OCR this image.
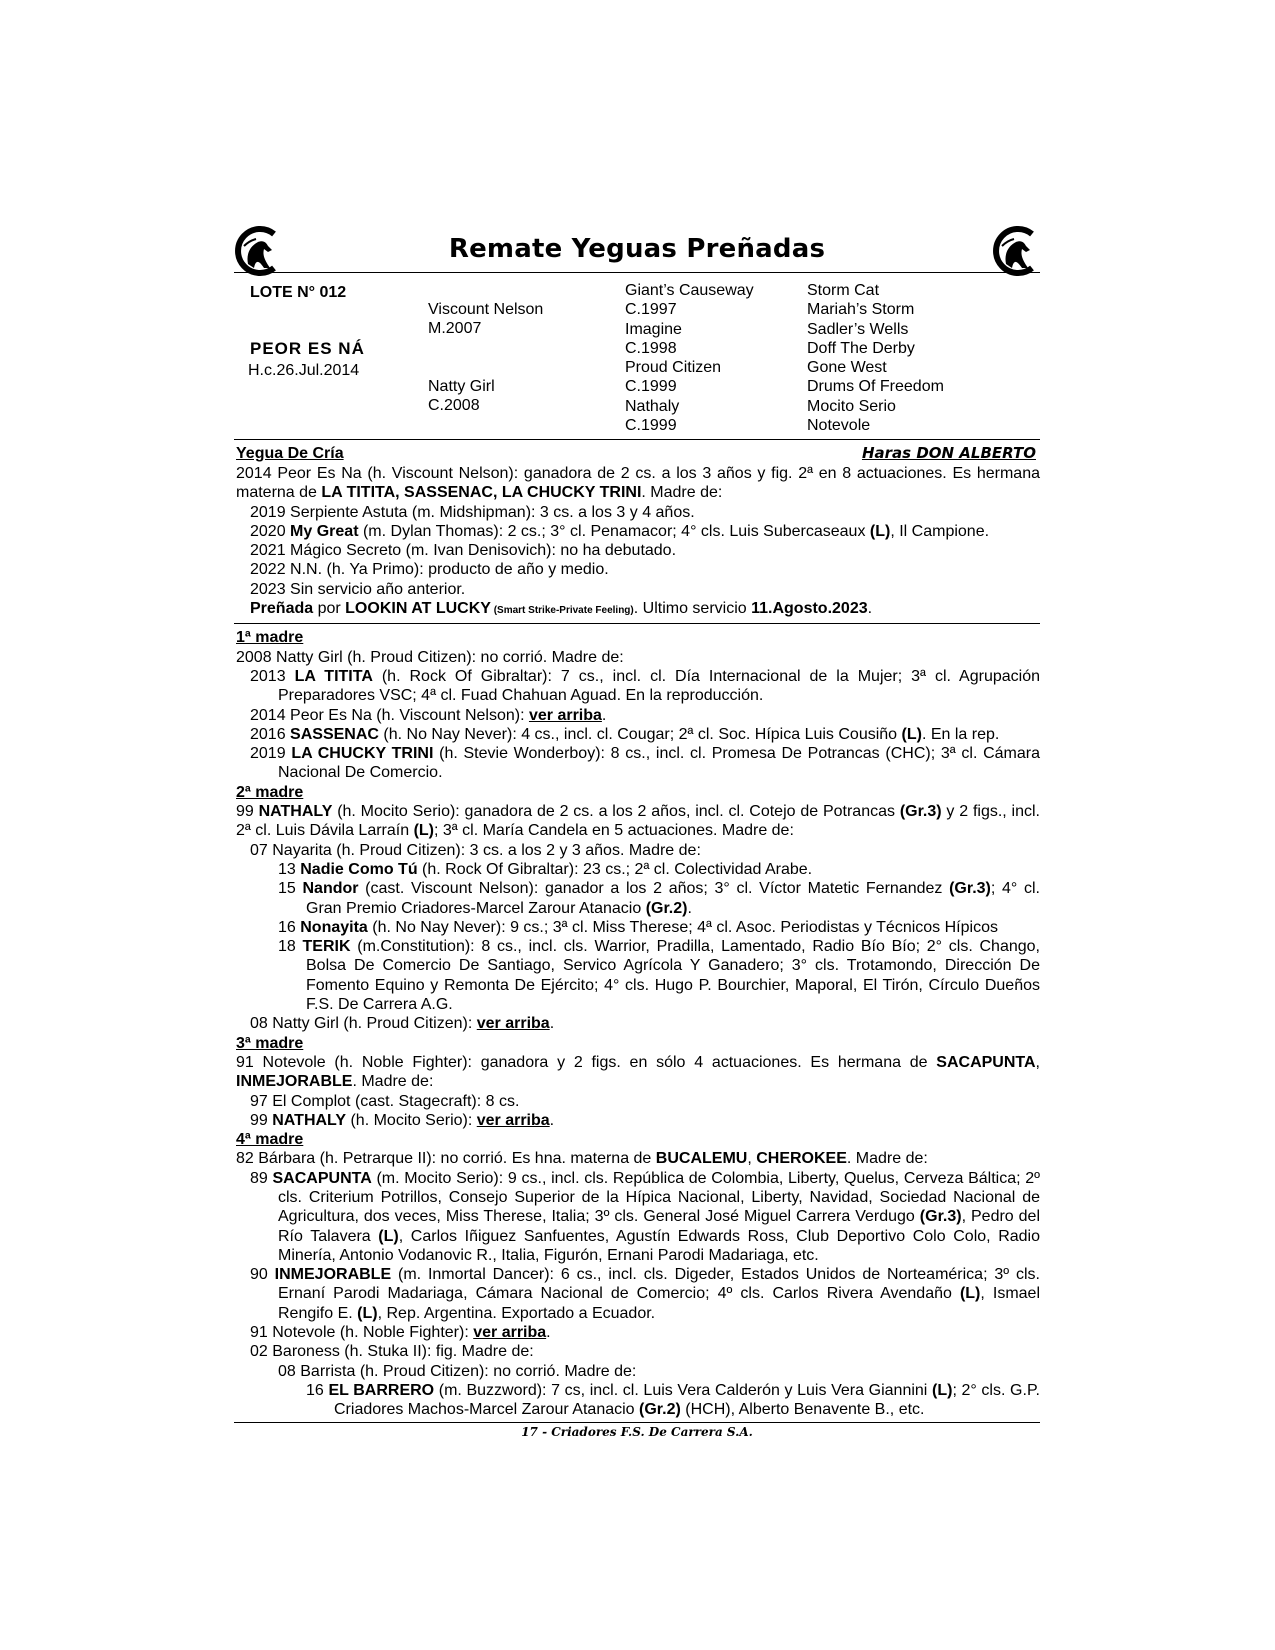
Remate Yeguas Preñadas
LOTE N° 012
PEOR ES NÁ
H.c.26.Jul.2014
Viscount Nelson
M.2007
Natty Girl
C.2008
Giant’s Causeway
C.1997
Imagine
C.1998
Proud Citizen
C.1999
Nathaly
C.1999
Storm Cat
Mariah’s Storm
Sadler’s Wells
Doff The Derby
Gone West
Drums Of Freedom
Mocito Serio
Notevole
Yegua De Cría	Haras DON ALBERTO
2014 Peor Es Na (h. Viscount Nelson): ganadora de 2 cs. a los 3 años y fig. 2ª en 8 actuaciones. Es hermana materna de LA TITITA, SASSENAC, LA CHUCKY TRINI. Madre de:
2019 Serpiente Astuta (m. Midshipman): 3 cs. a los 3 y 4 años.
2020 My Great (m. Dylan Thomas): 2 cs.; 3° cl. Penamacor; 4° cls. Luis Subercaseaux (L), Il Campione.
2021 Mágico Secreto (m. Ivan Denisovich): no ha debutado.
2022 N.N. (h. Ya Primo): producto de año y medio.
2023 Sin servicio año anterior.
Preñada por LOOKIN AT LUCKY (Smart Strike-Private Feeling). Ultimo servicio 11.Agosto.2023.
1ª madre
2008 Natty Girl (h. Proud Citizen): no corrió. Madre de:
2013 LA TITITA (h. Rock Of Gibraltar): 7 cs., incl. cl. Día Internacional de la Mujer; 3ª cl. Agrupación Preparadores VSC; 4ª cl. Fuad Chahuan Aguad. En la reproducción.
2014 Peor Es Na (h. Viscount Nelson): ver arriba.
2016 SASSENAC (h. No Nay Never): 4 cs., incl. cl. Cougar; 2ª cl. Soc. Hípica Luis Cousiño (L). En la rep.
2019 LA CHUCKY TRINI (h. Stevie Wonderboy): 8 cs., incl. cl. Promesa De Potrancas (CHC); 3ª cl. Cámara Nacional De Comercio.
2ª madre
99 NATHALY (h. Mocito Serio): ganadora de 2 cs. a los 2 años, incl. cl. Cotejo de Potrancas (Gr.3) y 2 figs., incl. 2ª cl. Luis Dávila Larraín (L); 3ª cl. María Candela en 5 actuaciones. Madre de:
07 Nayarita (h. Proud Citizen): 3 cs. a los 2 y 3 años. Madre de:
13 Nadie Como Tú (h. Rock Of Gibraltar): 23 cs.; 2ª cl. Colectividad Arabe.
15 Nandor (cast. Viscount Nelson): ganador a los 2 años; 3° cl. Víctor Matetic Fernandez (Gr.3); 4° cl. Gran Premio Criadores-Marcel Zarour Atanacio (Gr.2).
16 Nonayita (h. No Nay Never): 9 cs.; 3ª cl. Miss Therese; 4ª cl. Asoc. Periodistas y Técnicos Hípicos
18 TERIK (m.Constitution): 8 cs., incl. cls. Warrior, Pradilla, Lamentado, Radio Bío Bío; 2° cls. Chango, Bolsa De Comercio De Santiago, Servico Agrícola Y Ganadero; 3° cls. Trotamondo, Dirección De Fomento Equino y Remonta De Ejército; 4° cls. Hugo P. Bourchier, Maporal, El Tirón, Círculo Dueños F.S. De Carrera A.G.
08 Natty Girl (h. Proud Citizen): ver arriba.
3ª madre
91 Notevole (h. Noble Fighter): ganadora y 2 figs. en sólo 4 actuaciones. Es hermana de SACAPUNTA, INMEJORABLE. Madre de:
97 El Complot (cast. Stagecraft): 8 cs.
99 NATHALY (h. Mocito Serio): ver arriba.
4ª madre
82 Bárbara (h. Petrarque II): no corrió. Es hna. materna de BUCALEMU, CHEROKEE. Madre de:
89 SACAPUNTA (m. Mocito Serio): 9 cs., incl. cls. República de Colombia, Liberty, Quelus, Cerveza Báltica; 2º cls. Criterium Potrillos, Consejo Superior de la Hípica Nacional, Liberty, Navidad, Sociedad Nacional de Agricultura, dos veces, Miss Therese, Italia; 3º cls. General José Miguel Carrera Verdugo (Gr.3), Pedro del Río Talavera (L), Carlos Iñiguez Sanfuentes, Agustín Edwards Ross, Club Deportivo Colo Colo, Radio Minería, Antonio Vodanovic R., Italia, Figurón, Ernani Parodi Madariaga, etc.
90 INMEJORABLE (m. Inmortal Dancer): 6 cs., incl. cls. Digeder, Estados Unidos de Norteamérica; 3º cls. Ernaní Parodi Madariaga, Cámara Nacional de Comercio; 4º cls. Carlos Rivera Avendaño (L), Ismael Rengifo E. (L), Rep. Argentina. Exportado a Ecuador.
91 Notevole (h. Noble Fighter): ver arriba.
02 Baroness (h. Stuka II): fig. Madre de:
08 Barrista (h. Proud Citizen): no corrió. Madre de:
16 EL BARRERO (m. Buzzword): 7 cs, incl. cl. Luis Vera Calderón y Luis Vera Giannini (L); 2° cls. G.P. Criadores Machos-Marcel Zarour Atanacio (Gr.2) (HCH), Alberto Benavente B., etc.
17 - Criadores F.S. De Carrera S.A.
